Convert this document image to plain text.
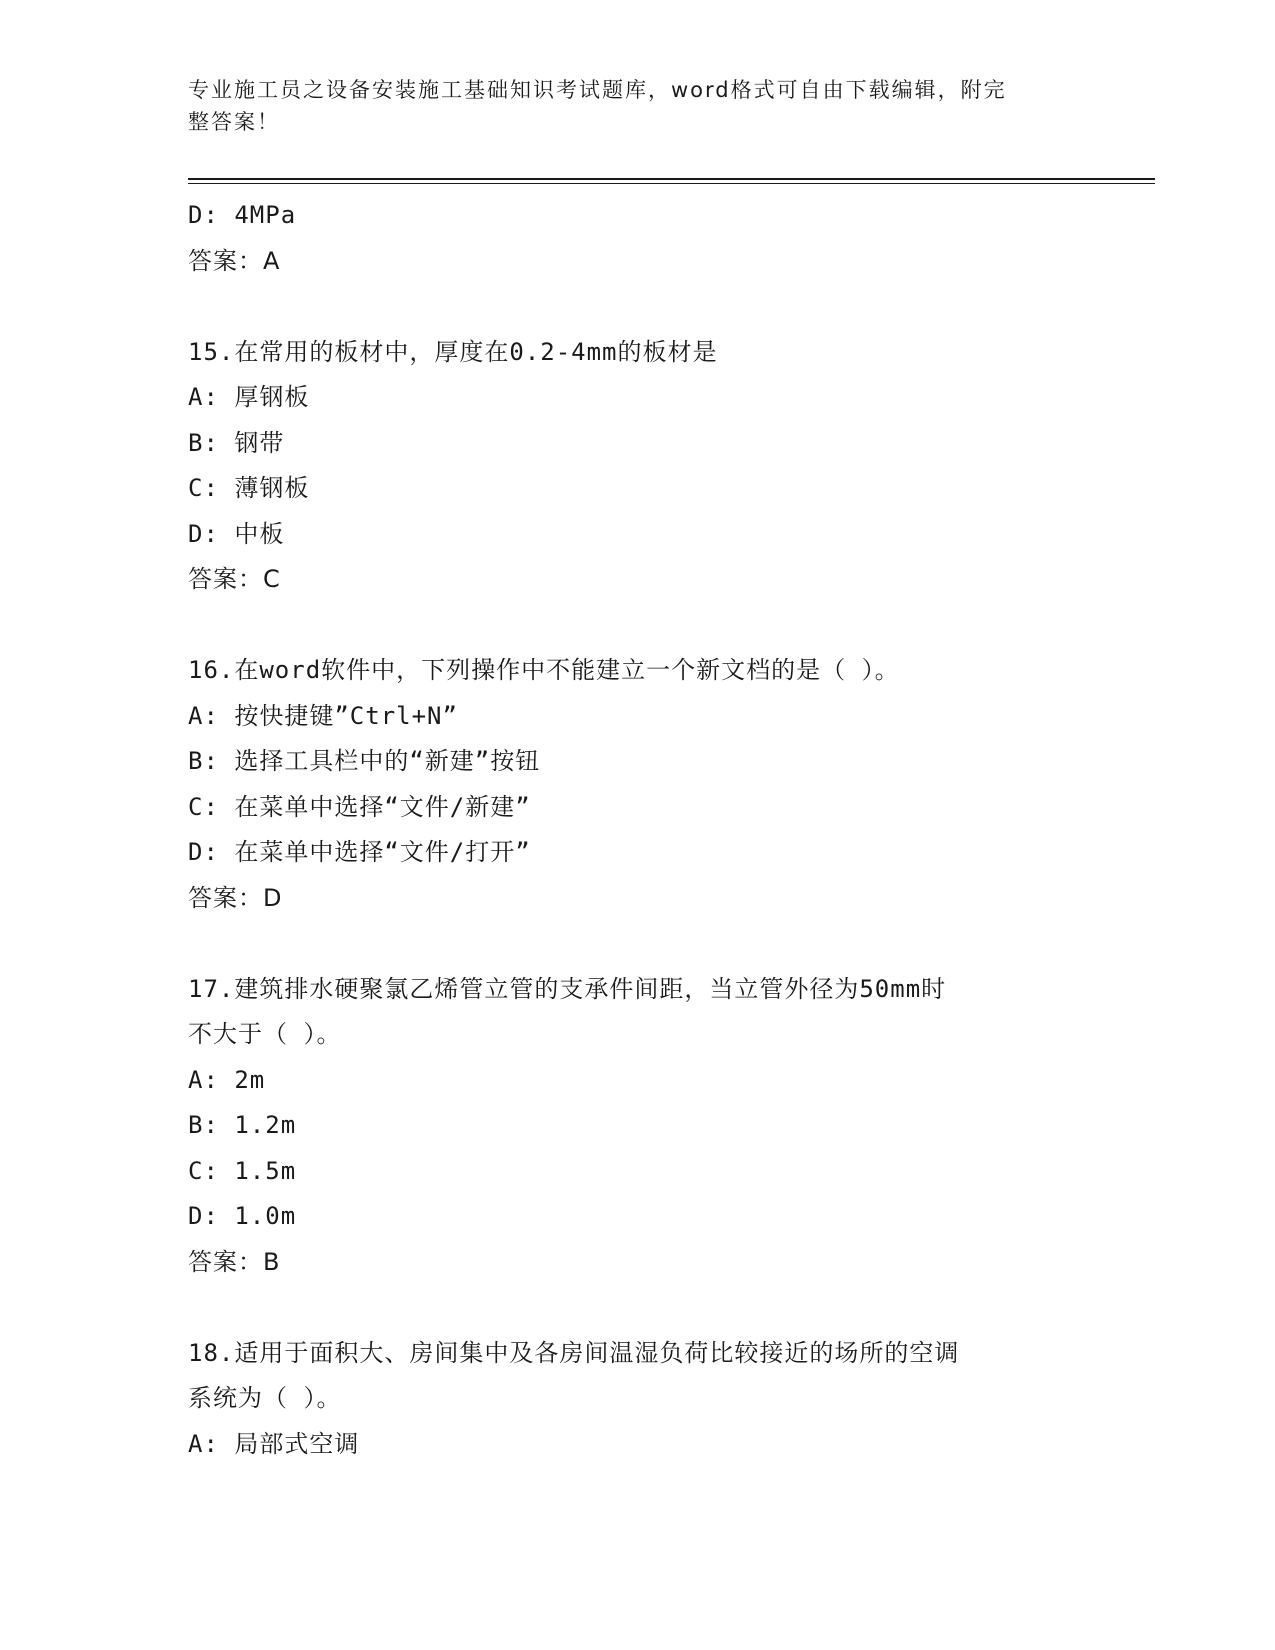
专业施工员之设备安装施工基础知识考试题库，word格式可自由下载编辑，附完
整答案！
D: 4MPa
答案：A
15.在常用的板材中，厚度在0.2-4mm的板材是
A: 厚钢板
B: 钢带
C: 薄钢板
D: 中板
答案：C
16.在word软件中，下列操作中不能建立一个新文档的是（ ）。
A: 按快捷键”Ctrl+N”
B: 选择工具栏中的“新建”按钮
C: 在菜单中选择“文件/新建”
D: 在菜单中选择“文件/打开”
答案：D
17.建筑排水硬聚氯乙烯管立管的支承件间距，当立管外径为50mm时
不大于（ ）。
A: 2m
B: 1.2m
C: 1.5m
D: 1.0m
答案：B
18.适用于面积大、房间集中及各房间温湿负荷比较接近的场所的空调
系统为（ ）。
A: 局部式空调
